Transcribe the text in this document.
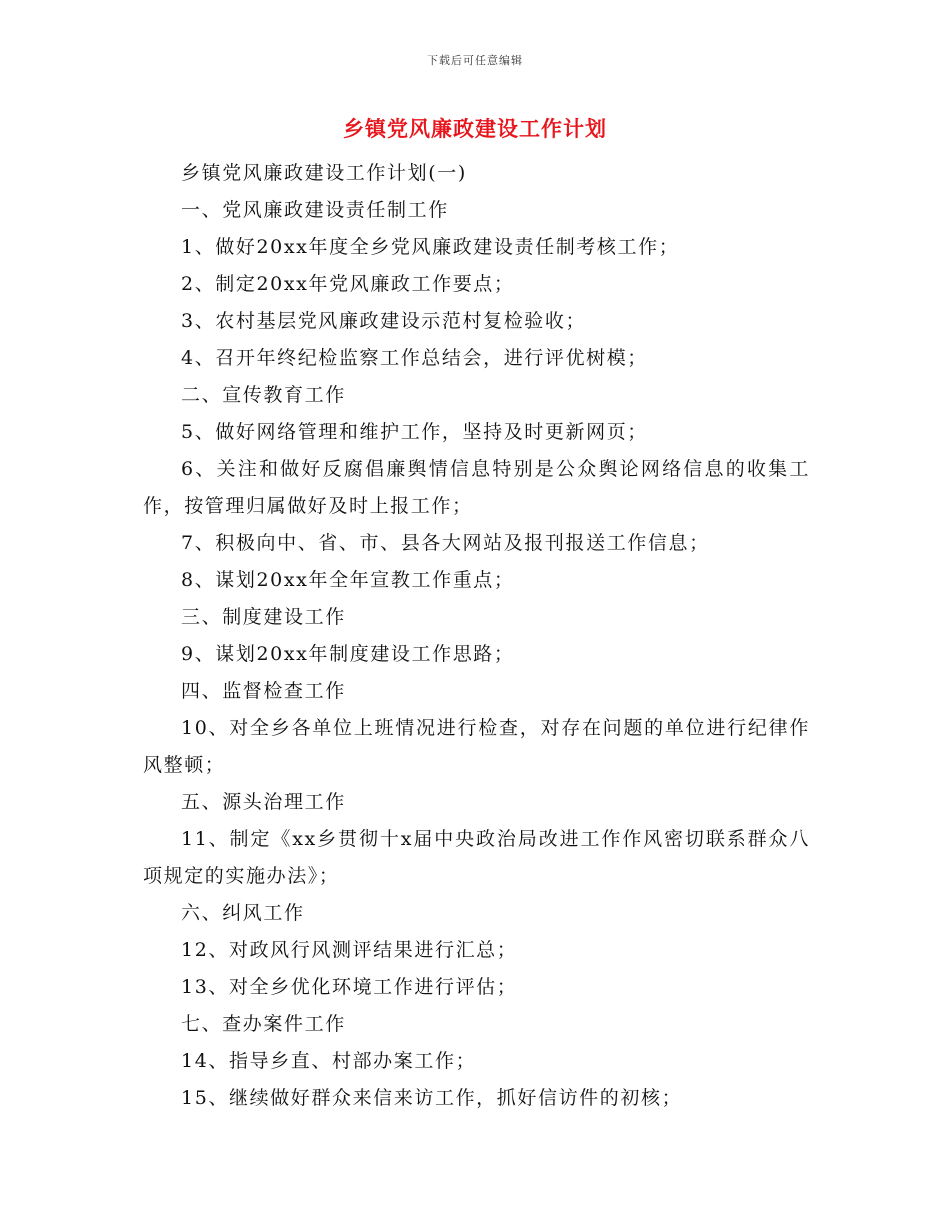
下载后可任意编辑
乡镇党风廉政建设工作计划

乡镇党风廉政建设工作计划(一)

一、党风廉政建设责任制工作

1、做好20xx年度全乡党风廉政建设责任制考核工作；

2、制定20xx年党风廉政工作要点；

3、农村基层党风廉政建设示范村复检验收；

4、召开年终纪检监察工作总结会，进行评优树模；

二、宣传教育工作

5、做好网络管理和维护工作，坚持及时更新网页；

6、关注和做好反腐倡廉舆情信息特别是公众舆论网络信息的收集工作，按管理归属做好及时上报工作；

7、积极向中、省、市、县各大网站及报刊报送工作信息；

8、谋划20xx年全年宣教工作重点；

三、制度建设工作

9、谋划20xx年制度建设工作思路；

四、监督检查工作

10、对全乡各单位上班情况进行检查，对存在问题的单位进行纪律作风整顿；

五、源头治理工作

11、制定《xx乡贯彻十x届中央政治局改进工作作风密切联系群众八项规定的实施办法》；

六、纠风工作

12、对政风行风测评结果进行汇总；

13、对全乡优化环境工作进行评估；

七、查办案件工作

14、指导乡直、村部办案工作；

15、继续做好群众来信来访工作，抓好信访件的初核；
